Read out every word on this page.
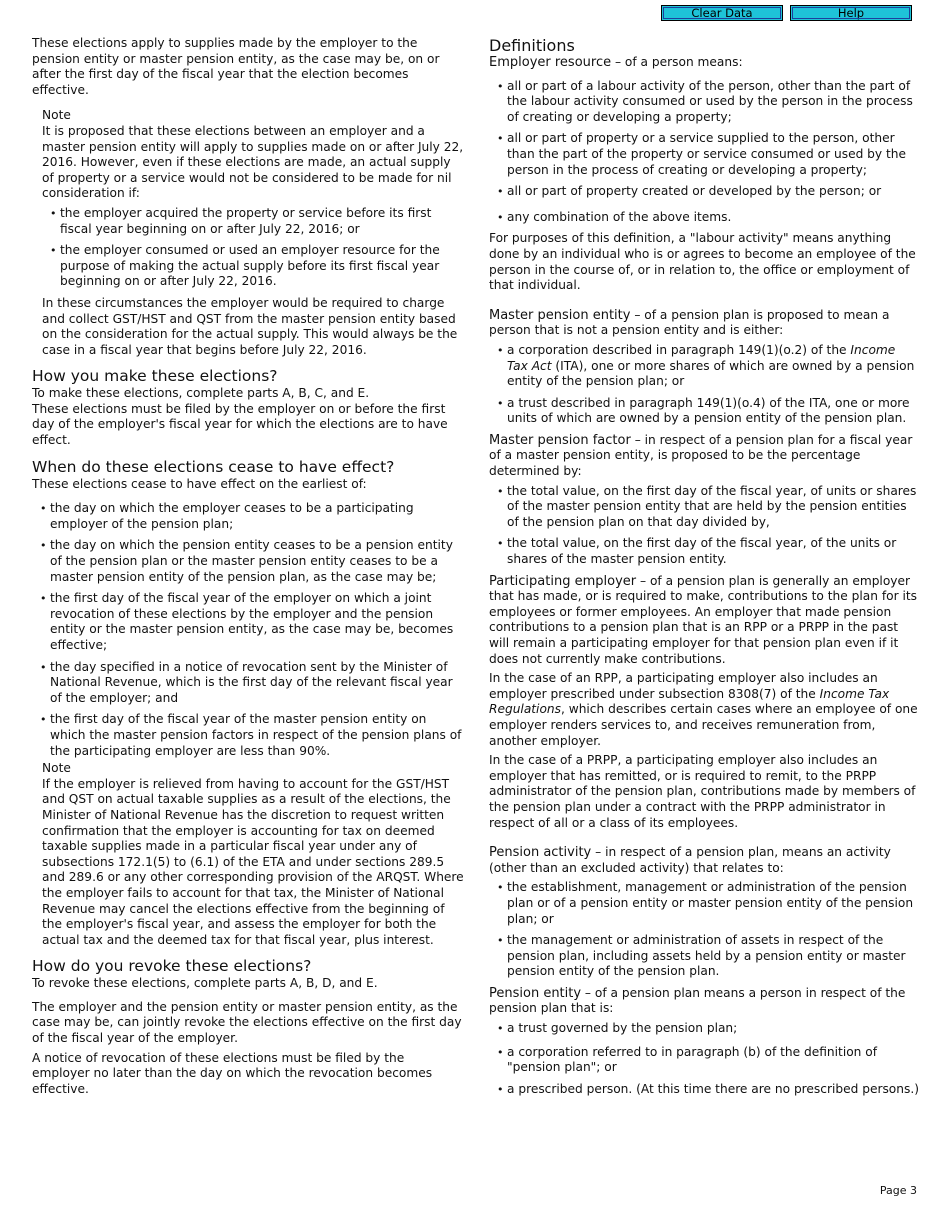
Clear Data	Help

These elections apply to supplies made by the employer to the pension entity or master pension entity, as the case may be, on or after the first day of the fiscal year that the election becomes effective.

Note

It is proposed that these elections between an employer and a master pension entity will apply to supplies made on or after July 22, 2016. However, even if these elections are made, an actual supply of property or a service would not be considered to be made for nil consideration if:

• the employer acquired the property or service before its first fiscal year beginning on or after July 22, 2016; or
• the employer consumed or used an employer resource for the purpose of making the actual supply before its first fiscal year beginning on or after July 22, 2016.

In these circumstances the employer would be required to charge and collect GST/HST and QST from the master pension entity based on the consideration for the actual supply. This would always be the case in a fiscal year that begins before July 22, 2016.

How you make these elections?

To make these elections, complete parts A, B, C, and E.

These elections must be filed by the employer on or before the first day of the employer's fiscal year for which the elections are to have effect.

When do these elections cease to have effect?

These elections cease to have effect on the earliest of:

• the day on which the employer ceases to be a participating employer of the pension plan;
• the day on which the pension entity ceases to be a pension entity of the pension plan or the master pension entity ceases to be a master pension entity of the pension plan, as the case may be;
• the first day of the fiscal year of the employer on which a joint revocation of these elections by the employer and the pension entity or the master pension entity, as the case may be, becomes effective;
• the day specified in a notice of revocation sent by the Minister of National Revenue, which is the first day of the relevant fiscal year of the employer; and
• the first day of the fiscal year of the master pension entity on which the master pension factors in respect of the pension plans of the participating employer are less than 90%.

Note

If the employer is relieved from having to account for the GST/HST and QST on actual taxable supplies as a result of the elections, the Minister of National Revenue has the discretion to request written confirmation that the employer is accounting for tax on deemed taxable supplies made in a particular fiscal year under any of subsections 172.1(5) to (6.1) of the ETA and under sections 289.5 and 289.6 or any other corresponding provision of the ARQST. Where the employer fails to account for that tax, the Minister of National Revenue may cancel the elections effective from the beginning of the employer's fiscal year, and assess the employer for both the actual tax and the deemed tax for that fiscal year, plus interest.

How do you revoke these elections?

To revoke these elections, complete parts A, B, D, and E.

The employer and the pension entity or master pension entity, as the case may be, can jointly revoke the elections effective on the first day of the fiscal year of the employer.

A notice of revocation of these elections must be filed by the employer no later than the day on which the revocation becomes effective.

Definitions

Employer resource – of a person means:

• all or part of a labour activity of the person, other than the part of the labour activity consumed or used by the person in the process of creating or developing a property;
• all or part of property or a service supplied to the person, other than the part of the property or service consumed or used by the person in the process of creating or developing a property;
• all or part of property created or developed by the person; or
• any combination of the above items.

For purposes of this definition, a "labour activity" means anything done by an individual who is or agrees to become an employee of the person in the course of, or in relation to, the office or employment of that individual.

Master pension entity – of a pension plan is proposed to mean a person that is not a pension entity and is either:

• a corporation described in paragraph 149(1)(o.2) of the Income Tax Act (ITA), one or more shares of which are owned by a pension entity of the pension plan; or
• a trust described in paragraph 149(1)(o.4) of the ITA, one or more units of which are owned by a pension entity of the pension plan.

Master pension factor – in respect of a pension plan for a fiscal year of a master pension entity, is proposed to be the percentage determined by:

• the total value, on the first day of the fiscal year, of units or shares of the master pension entity that are held by the pension entities of the pension plan on that day divided by,
• the total value, on the first day of the fiscal year, of the units or shares of the master pension entity.

Participating employer – of a pension plan is generally an employer that has made, or is required to make, contributions to the plan for its employees or former employees. An employer that made pension contributions to a pension plan that is an RPP or a PRPP in the past will remain a participating employer for that pension plan even if it does not currently make contributions.

In the case of an RPP, a participating employer also includes an employer prescribed under subsection 8308(7) of the Income Tax Regulations, which describes certain cases where an employee of one employer renders services to, and receives remuneration from, another employer.

In the case of a PRPP, a participating employer also includes an employer that has remitted, or is required to remit, to the PRPP administrator of the pension plan, contributions made by members of the pension plan under a contract with the PRPP administrator in respect of all or a class of its employees.

Pension activity – in respect of a pension plan, means an activity (other than an excluded activity) that relates to:

• the establishment, management or administration of the pension plan or of a pension entity or master pension entity of the pension plan; or
• the management or administration of assets in respect of the pension plan, including assets held by a pension entity or master pension entity of the pension plan.

Pension entity – of a pension plan means a person in respect of the pension plan that is:

• a trust governed by the pension plan;
• a corporation referred to in paragraph (b) of the definition of "pension plan"; or
• a prescribed person. (At this time there are no prescribed persons.)
Page 3
